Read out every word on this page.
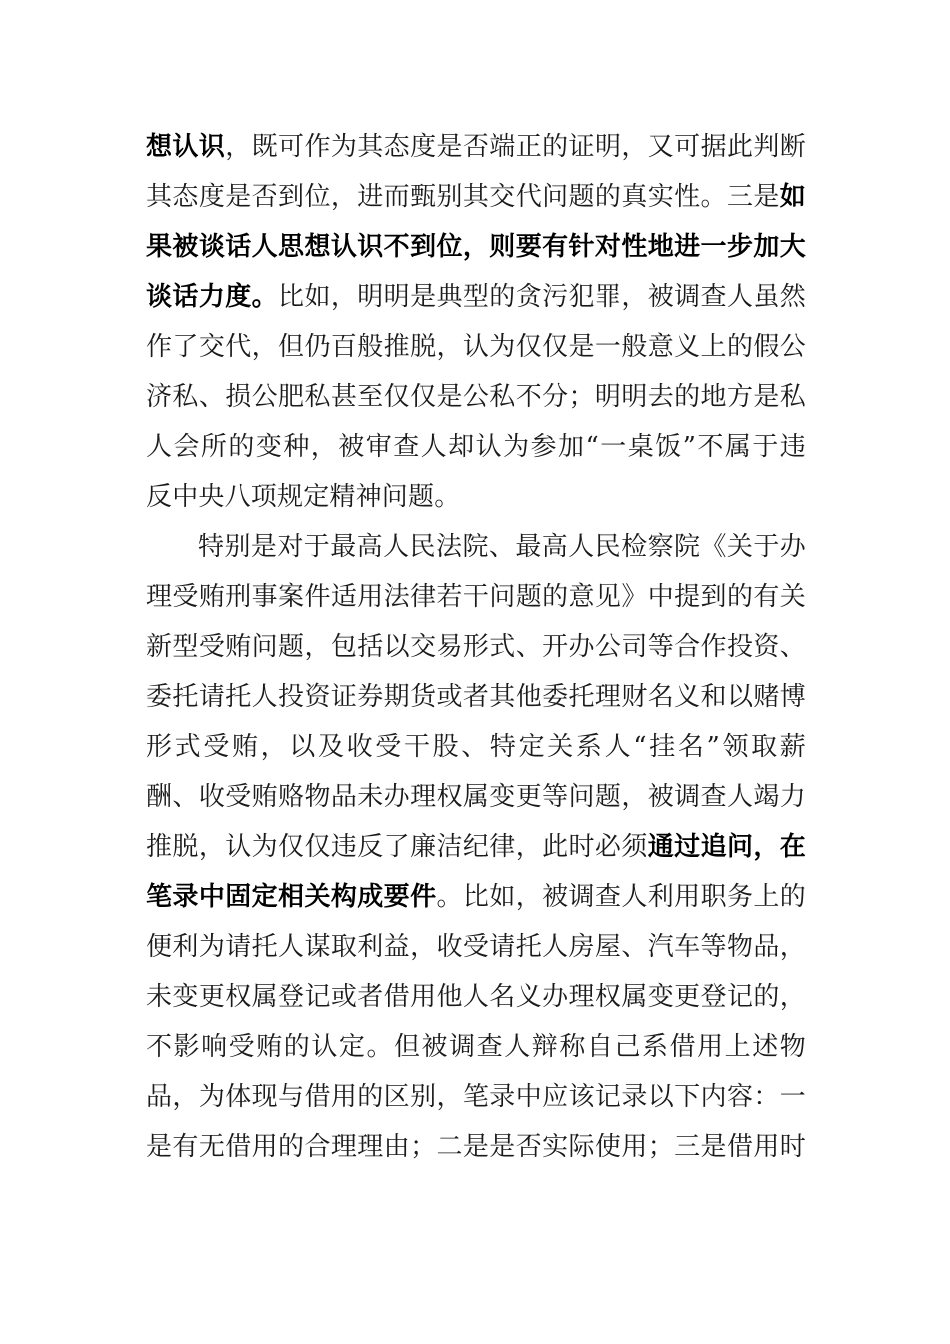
想认识，既可作为其态度是否端正的证明，又可据此判断
其态度是否到位，进而甄别其交代问题的真实性。三是如
果被谈话人思想认识不到位，则要有针对性地进一步加大
谈话力度。比如，明明是典型的贪污犯罪，被调查人虽然
作了交代，但仍百般推脱，认为仅仅是一般意义上的假公
济私、损公肥私甚至仅仅是公私不分；明明去的地方是私
人会所的变种，被审查人却认为参加“一桌饭”不属于违
反中央八项规定精神问题。
特别是对于最高人民法院、最高人民检察院《关于办
理受贿刑事案件适用法律若干问题的意见》中提到的有关
新型受贿问题，包括以交易形式、开办公司等合作投资、
委托请托人投资证券期货或者其他委托理财名义和以赌博
形式受贿，以及收受干股、特定关系人“挂名”领取薪
酬、收受贿赂物品未办理权属变更等问题，被调查人竭力
推脱，认为仅仅违反了廉洁纪律，此时必须通过追问，在
笔录中固定相关构成要件。比如，被调查人利用职务上的
便利为请托人谋取利益，收受请托人房屋、汽车等物品，
未变更权属登记或者借用他人名义办理权属变更登记的，
不影响受贿的认定。但被调查人辩称自己系借用上述物
品，为体现与借用的区别，笔录中应该记录以下内容：一
是有无借用的合理理由；二是是否实际使用；三是借用时
